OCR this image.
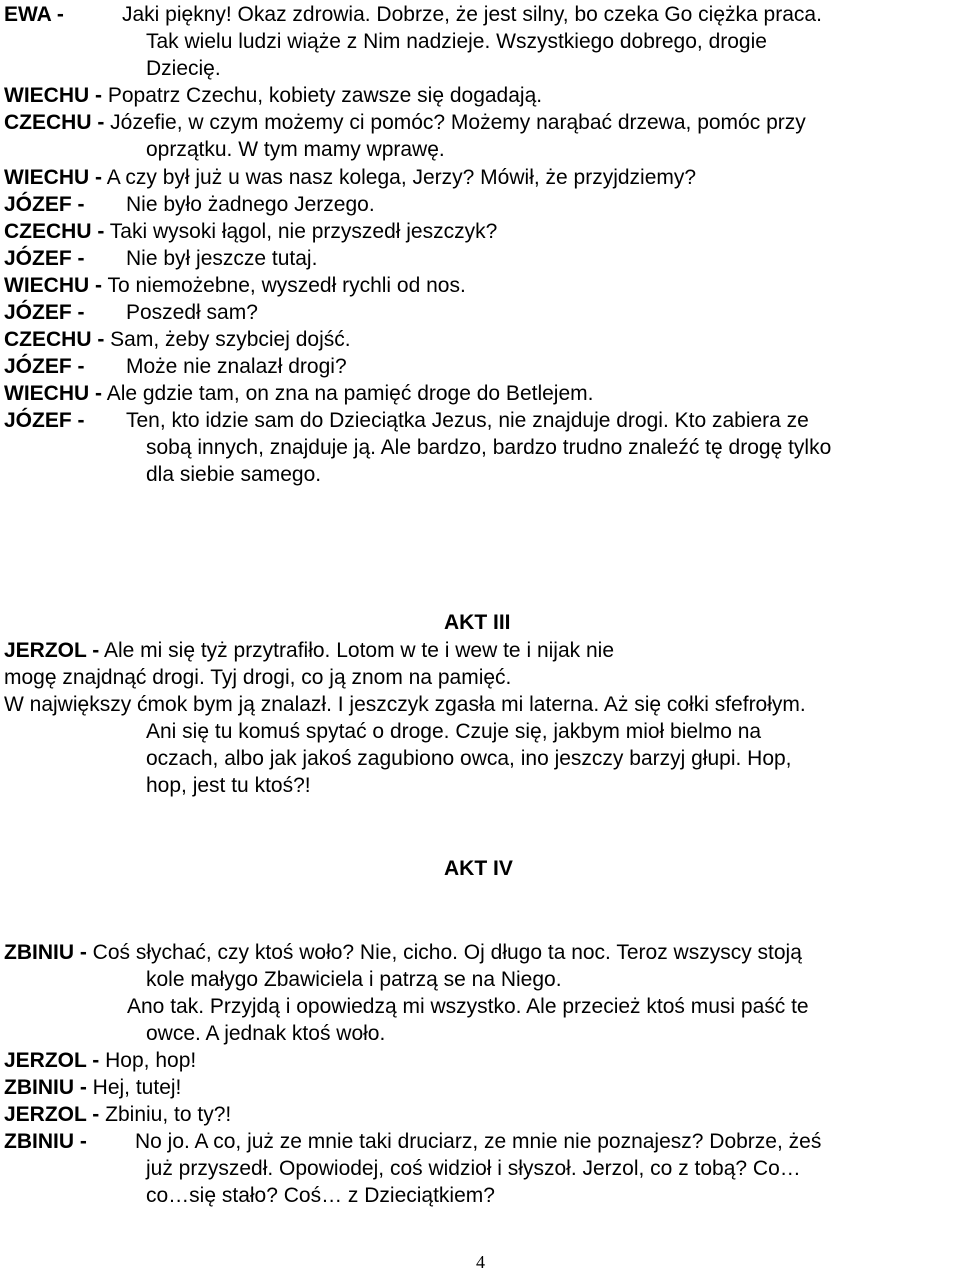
EWA -	Jaki piękny! Okaz zdrowia. Dobrze, że jest silny, bo czeka Go ciężka praca.
Tak wielu ludzi wiąże z Nim nadzieje. Wszystkiego dobrego, drogie
Dziecię.
WIECHU - Popatrz Czechu, kobiety zawsze się dogadają.
CZECHU - Józefie, w czym możemy ci pomóc? Możemy narąbać drzewa, pomóc przy
oprzątku. W tym mamy wprawę.
WIECHU - A czy był już u was nasz kolega, Jerzy? Mówił, że przyjdziemy?
JÓZEF - Nie było żadnego Jerzego.
CZECHU - Taki wysoki łągol, nie przyszedł jeszczyk?
JÓZEF - Nie był jeszcze tutaj.
WIECHU - To niemożebne, wyszedł rychli od nos.
JÓZEF - Poszedł sam?
CZECHU - Sam, żeby szybciej dojść.
JÓZEF - Może nie znalazł drogi?
WIECHU - Ale gdzie tam, on zna na pamięć droge do Betlejem.
JÓZEF - Ten, kto idzie sam do Dzieciątka Jezus, nie znajduje drogi. Kto zabiera ze
sobą innych, znajduje ją. Ale bardzo, bardzo trudno znaleźć tę drogę tylko
dla siebie samego.
AKT III
JERZOL - Ale mi się tyż przytrafiło. Lotom w te i wew te i nijak nie
mogę znajdnąć drogi. Tyj drogi, co ją znom na pamięć.
W największy ćmok bym ją znalazł. I jeszczyk zgasła mi laterna. Aż się cołki sfefrołym.
Ani się tu komuś spytać o droge. Czuje się, jakbym mioł bielmo na
oczach, albo jak jakoś zagubiono owca, ino jeszczy barzyj głupi. Hop,
hop, jest tu ktoś?!
AKT IV
ZBINIU - Coś słychać, czy ktoś woło? Nie, cicho. Oj długo ta noc. Teroz wszyscy stoją
kole małygo Zbawiciela i patrzą se na Niego.
Ano tak. Przyjdą i opowiedzą mi wszystko. Ale przecież ktoś musi paść te
owce. A jednak ktoś woło.
JERZOL - Hop, hop!
ZBINIU - Hej, tutej!
JERZOL - Zbiniu, to ty?!
ZBINIU - No jo. A co, już ze mnie taki druciarz, ze mnie nie poznajesz? Dobrze, żeś
już przyszedł. Opowiodej, coś widzioł i słyszoł. Jerzol, co z tobą? Co…
co…się stało? Coś… z Dzieciątkiem?
4
